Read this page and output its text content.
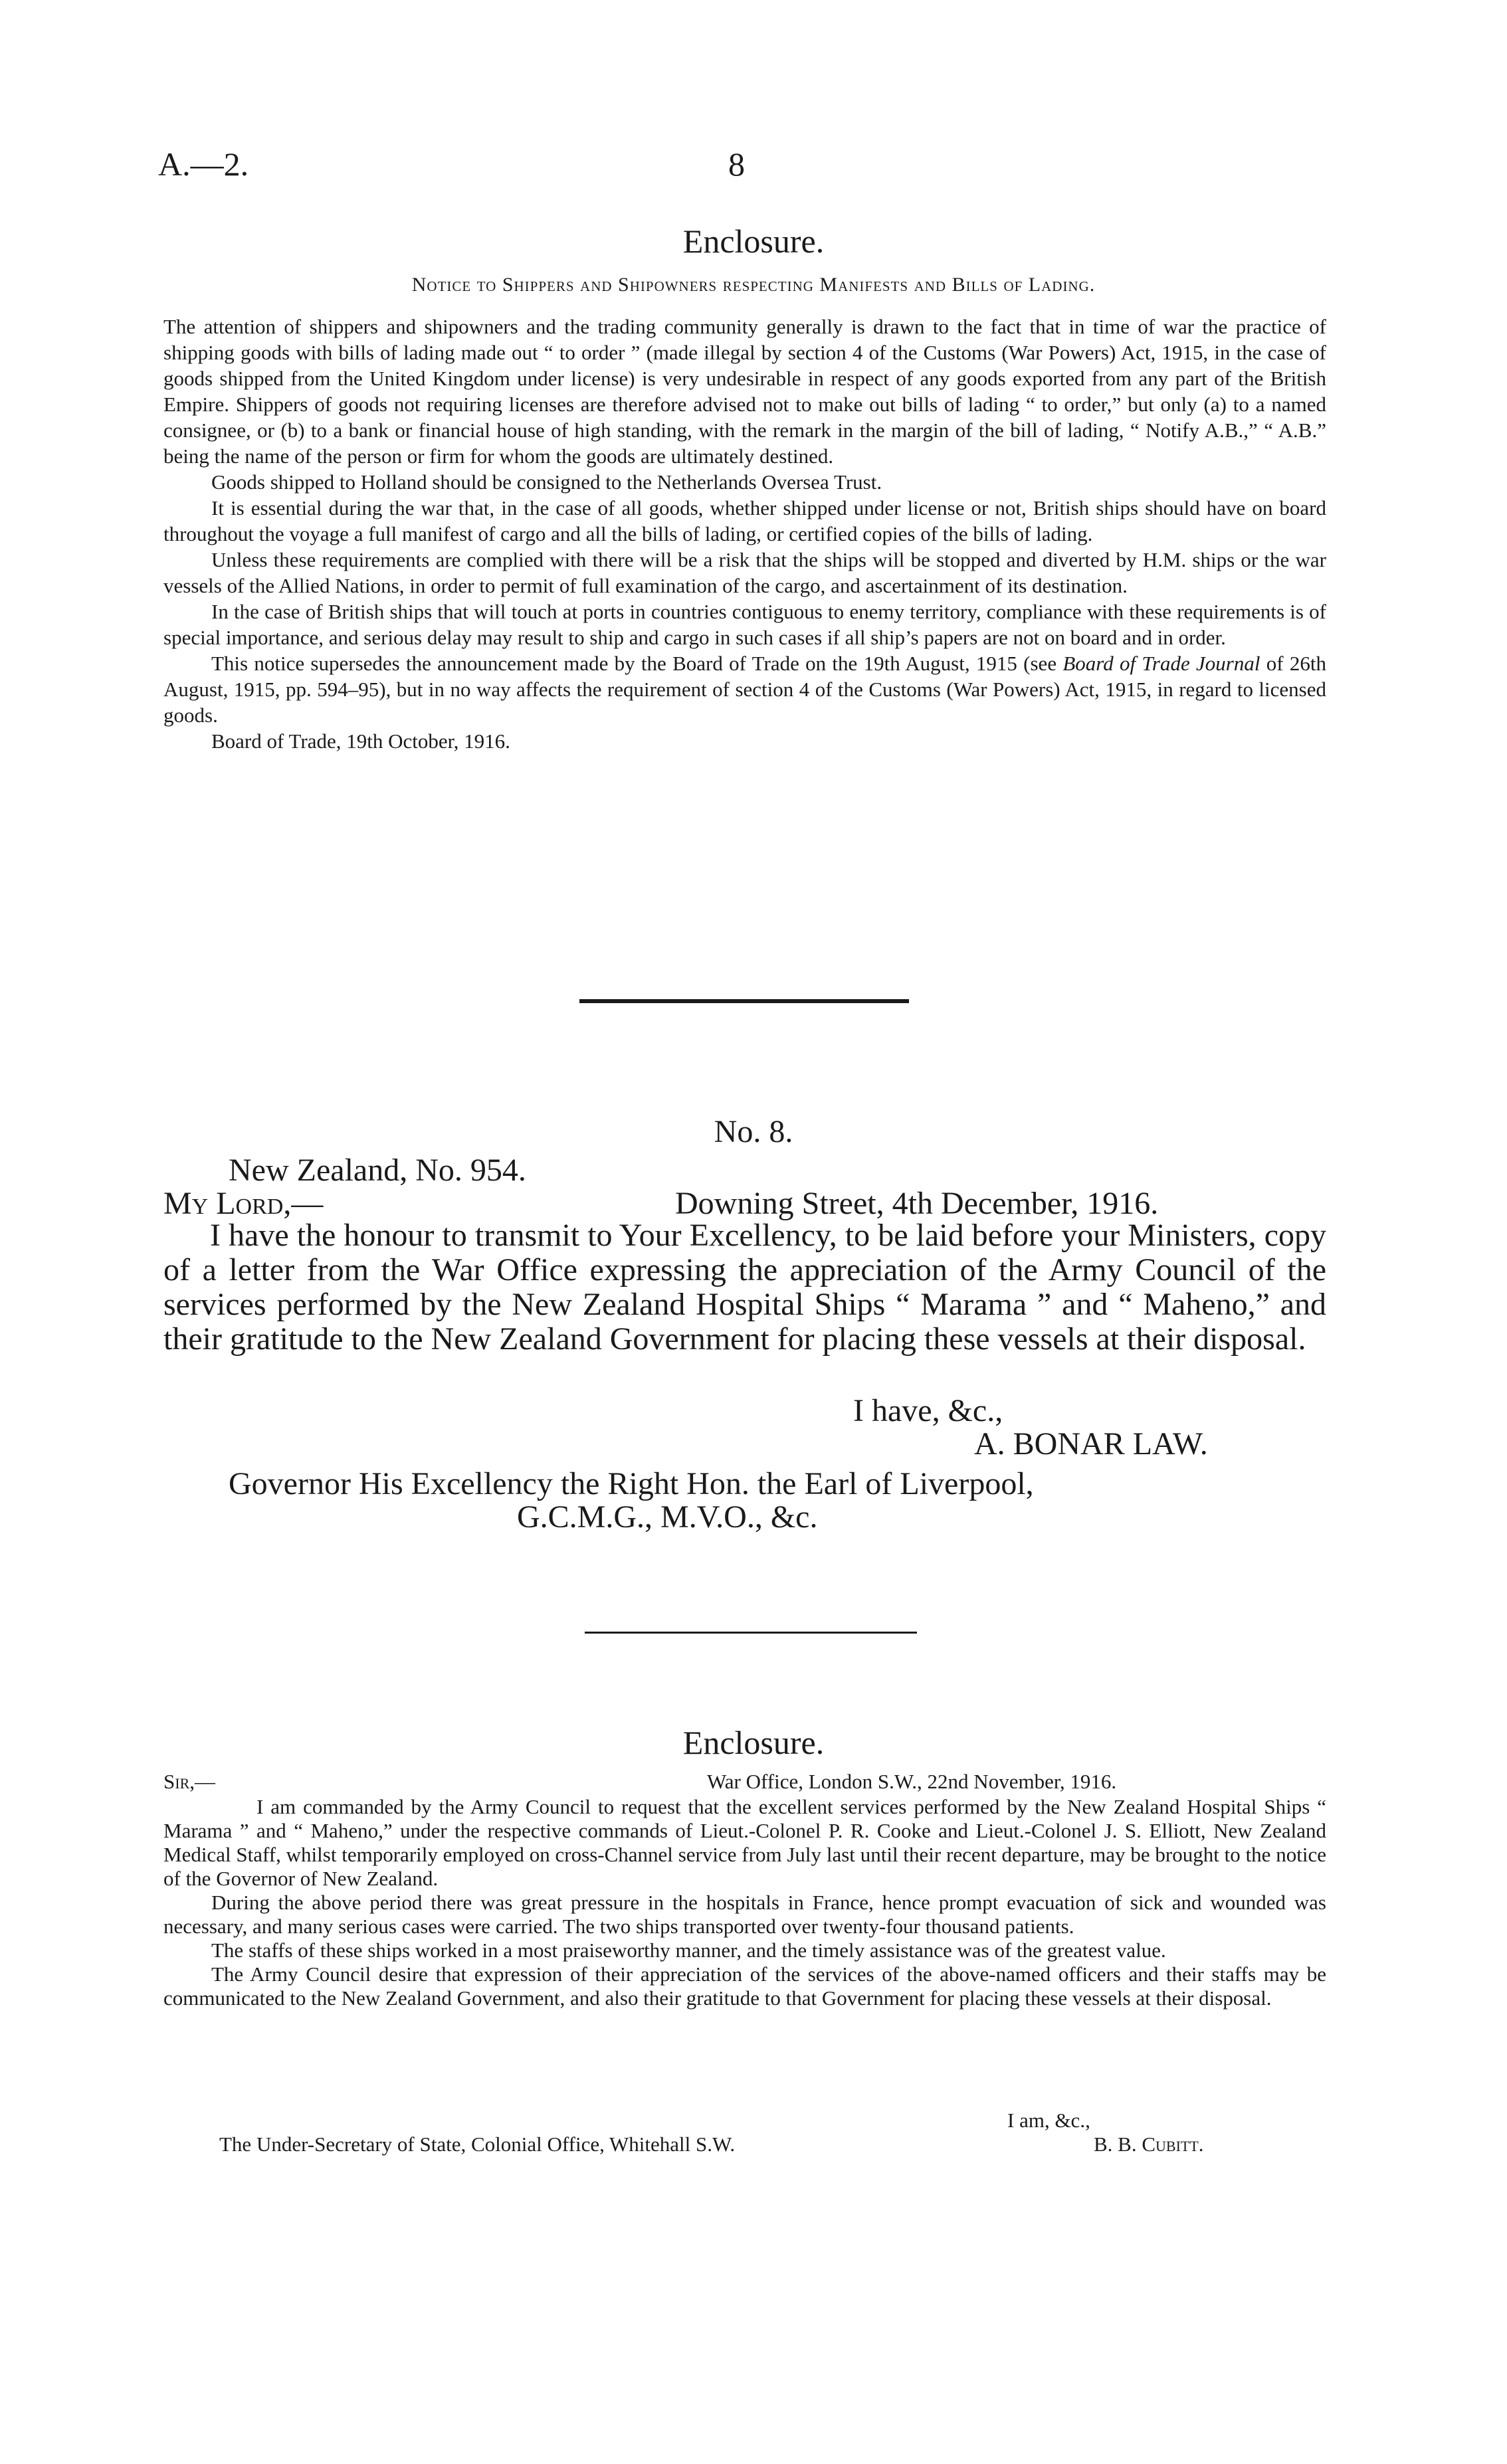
A.—2.	8
Enclosure.
Notice to Shippers and Shipowners respecting Manifests and Bills of Lading.

The attention of shippers and shipowners and the trading community generally is drawn to the fact that in time of war the practice of shipping goods with bills of lading made out “ to order ” (made illegal by section 4 of the Customs (War Powers) Act, 1915, in the case of goods shipped from the United Kingdom under license) is very undesirable in respect of any goods exported from any part of the British Empire. Shippers of goods not requiring licenses are therefore advised not to make out bills of lading “ to order,” but only (a) to a named consignee, or (b) to a bank or financial house of high standing, with the remark in the margin of the bill of lading, “ Notify A.B.,” “ A.B.” being the name of the person or firm for whom the goods are ultimately destined.

Goods shipped to Holland should be consigned to the Netherlands Oversea Trust.

It is essential during the war that, in the case of all goods, whether shipped under license or not, British ships should have on board throughout the voyage a full manifest of cargo and all the bills of lading, or certified copies of the bills of lading.

Unless these requirements are complied with there will be a risk that the ships will be stopped and diverted by H.M. ships or the war vessels of the Allied Nations, in order to permit of full examination of the cargo, and ascertainment of its destination.

In the case of British ships that will touch at ports in countries contiguous to enemy territory, compliance with these requirements is of special importance, and serious delay may result to ship and cargo in such cases if all ship’s papers are not on board and in order.

This notice supersedes the announcement made by the Board of Trade on the 19th August, 1915 (see Board of Trade Journal of 26th August, 1915, pp. 594–95), but in no way affects the requirement of section 4 of the Customs (War Powers) Act, 1915, in regard to licensed goods.

Board of Trade, 19th October, 1916.

No. 8.
New Zealand, No. 954.
My Lord,—	Downing Street, 4th December, 1916.

I have the honour to transmit to Your Excellency, to be laid before your Ministers, copy of a letter from the War Office expressing the appreciation of the Army Council of the services performed by the New Zealand Hospital Ships “ Marama ” and “ Maheno,” and their gratitude to the New Zealand Government for placing these vessels at their disposal.

I have, &c.,
A. BONAR LAW.
Governor His Excellency the Right Hon. the Earl of Liverpool,
G.C.M.G., M.V.O., &c.
Enclosure.
Sir,—	War Office, London S.W., 22nd November, 1916.

I am commanded by the Army Council to request that the excellent services performed by the New Zealand Hospital Ships “ Marama ” and “ Maheno,” under the respective commands of Lieut.-Colonel P. R. Cooke and Lieut.-Colonel J. S. Elliott, New Zealand Medical Staff, whilst temporarily employed on cross-Channel service from July last until their recent departure, may be brought to the notice of the Governor of New Zealand.

During the above period there was great pressure in the hospitals in France, hence prompt evacuation of sick and wounded was necessary, and many serious cases were carried. The two ships transported over twenty-four thousand patients.

The staffs of these ships worked in a most praiseworthy manner, and the timely assistance was of the greatest value.

The Army Council desire that expression of their appreciation of the services of the above-named officers and their staffs may be communicated to the New Zealand Government, and also their gratitude to that Government for placing these vessels at their disposal.

I am, &c.,
The Under-Secretary of State, Colonial Office, Whitehall S.W.	B. B. Cubitt.
